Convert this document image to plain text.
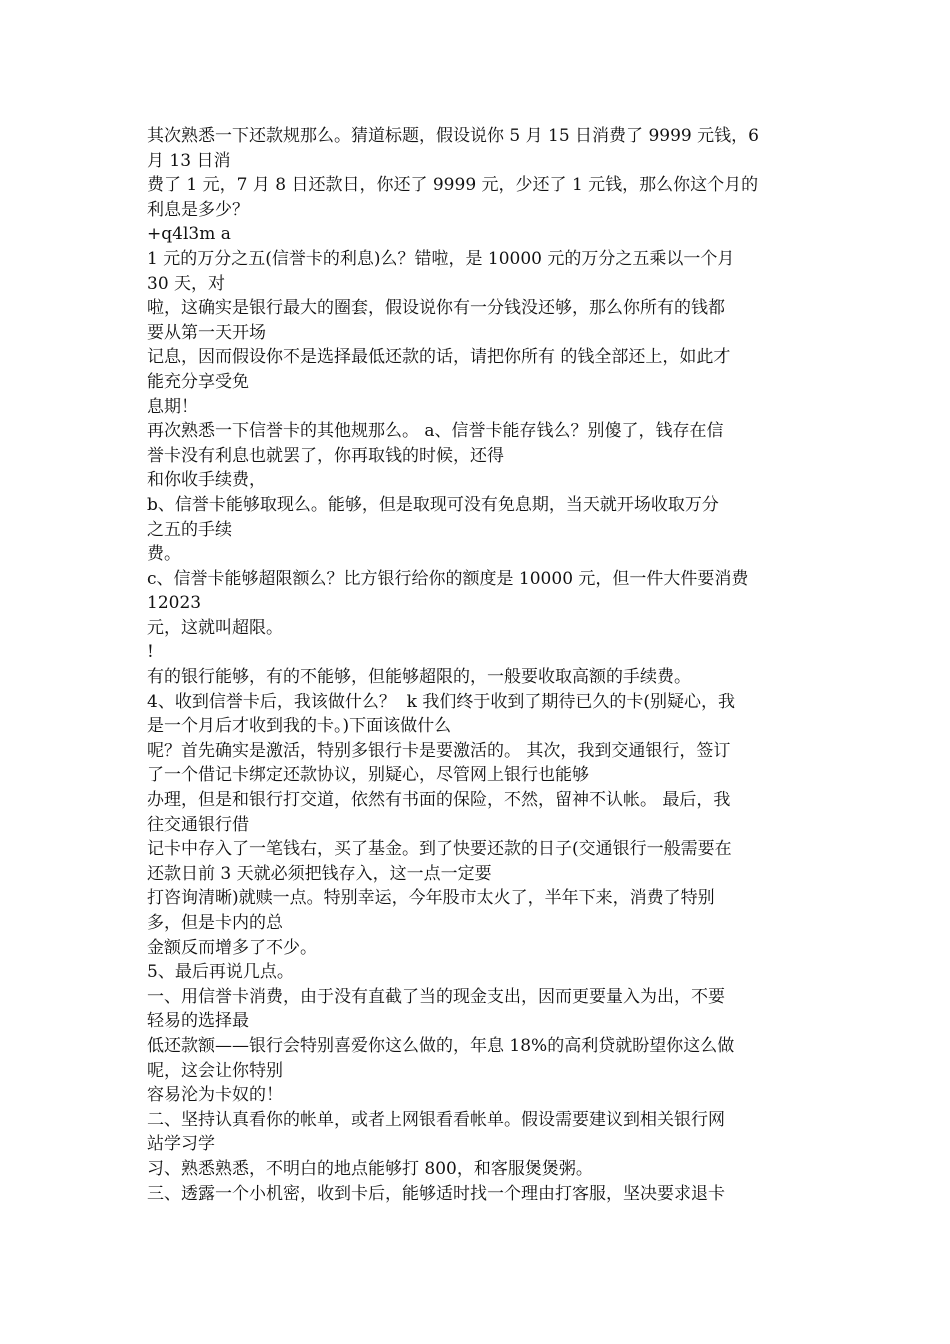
其次熟悉一下还款规那么。猜道标题，假设说你 5 月 15 日消费了 9999 元钱，6
月 13 日消
费了 1 元，7 月 8 日还款日，你还了 9999 元，少还了 1 元钱，那么你这个月的
利息是多少？
+q4l3m a
1 元的万分之五(信誉卡的利息)么？错啦，是 10000 元的万分之五乘以一个月
30 天，对
啦，这确实是银行最大的圈套，假设说你有一分钱没还够，那么你所有的钱都
要从第一天开场
记息，因而假设你不是选择最低还款的话，请把你所有 的钱全部还上，如此才
能充分享受免
息期！
再次熟悉一下信誉卡的其他规那么。 a、信誉卡能存钱么？别傻了，钱存在信
誉卡没有利息也就罢了，你再取钱的时候，还得
和你收手续费，
b、信誉卡能够取现么。能够，但是取现可没有免息期，当天就开场收取万分
之五的手续
费。
c、信誉卡能够超限额么？比方银行给你的额度是 10000 元，但一件大件要消费
12023
元，这就叫超限。
!
有的银行能够，有的不能够，但能够超限的，一般要收取高额的手续费。
4、收到信誉卡后，我该做什么？  k 我们终于收到了期待已久的卡(别疑心，我
是一个月后才收到我的卡。)下面该做什么
呢？首先确实是激活，特别多银行卡是要激活的。 其次，我到交通银行，签订
了一个借记卡绑定还款协议，别疑心，尽管网上银行也能够
办理，但是和银行打交道，依然有书面的保险，不然，留神不认帐。 最后，我
往交通银行借
记卡中存入了一笔钱右，买了基金。到了快要还款的日子(交通银行一般需要在
还款日前 3 天就必须把钱存入，这一点一定要
打咨询清晰)就赎一点。特别幸运，今年股市太火了，半年下来，消费了特别
多，但是卡内的总
金额反而增多了不少。
5、最后再说几点。
一、用信誉卡消费，由于没有直截了当的现金支出，因而更要量入为出，不要
轻易的选择最
低还款额——银行会特别喜爱你这么做的，年息 18%的高利贷就盼望你这么做
呢，这会让你特别
容易沦为卡奴的！
二、坚持认真看你的帐单，或者上网银看看帐单。假设需要建议到相关银行网
站学习学
习、熟悉熟悉，不明白的地点能够打 800，和客服煲煲粥。
三、透露一个小机密，收到卡后，能够适时找一个理由打客服，坚决要求退卡
